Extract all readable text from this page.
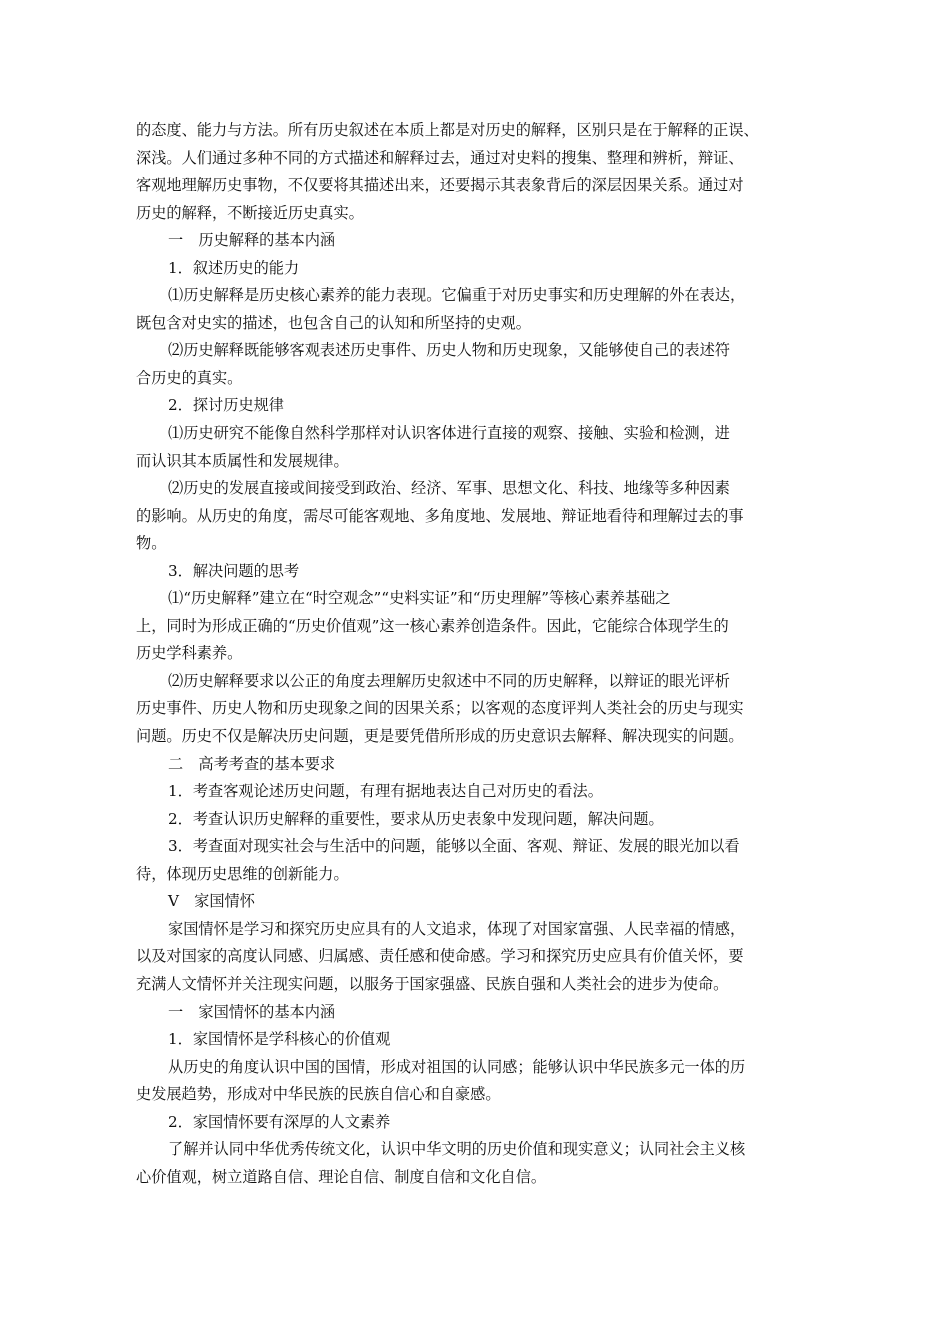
的态度、能力与方法。所有历史叙述在本质上都是对历史的解释，区别只是在于解释的正误、

深浅。人们通过多种不同的方式描述和解释过去，通过对史料的搜集、整理和辨析，辩证、

客观地理解历史事物，不仅要将其描述出来，还要揭示其表象背后的深层因果关系。通过对

历史的解释，不断接近历史真实。

一　历史解释的基本内涵

1．叙述历史的能力

⑴历史解释是历史核心素养的能力表现。它偏重于对历史事实和历史理解的外在表达，

既包含对史实的描述，也包含自己的认知和所坚持的史观。

⑵历史解释既能够客观表述历史事件、历史人物和历史现象，又能够使自己的表述符

合历史的真实。

2．探讨历史规律

⑴历史研究不能像自然科学那样对认识客体进行直接的观察、接触、实验和检测，进

而认识其本质属性和发展规律。

⑵历史的发展直接或间接受到政治、经济、军事、思想文化、科技、地缘等多种因素

的影响。从历史的角度，需尽可能客观地、多角度地、发展地、辩证地看待和理解过去的事

物。

3．解决问题的思考

⑴“历史解释”建立在“时空观念”“史料实证”和“历史理解”等核心素养基础之

上，同时为形成正确的“历史价值观”这一核心素养创造条件。因此，它能综合体现学生的

历史学科素养。

⑵历史解释要求以公正的角度去理解历史叙述中不同的历史解释，以辩证的眼光评析

历史事件、历史人物和历史现象之间的因果关系；以客观的态度评判人类社会的历史与现实

问题。历史不仅是解决历史问题，更是要凭借所形成的历史意识去解释、解决现实的问题。

二　高考考查的基本要求

1．考查客观论述历史问题，有理有据地表达自己对历史的看法。

2．考查认识历史解释的重要性，要求从历史表象中发现问题，解决问题。

3．考查面对现实社会与生活中的问题，能够以全面、客观、辩证、发展的眼光加以看

待，体现历史思维的创新能力。

Ⅴ　家国情怀

家国情怀是学习和探究历史应具有的人文追求，体现了对国家富强、人民幸福的情感，

以及对国家的高度认同感、归属感、责任感和使命感。学习和探究历史应具有价值关怀，要

充满人文情怀并关注现实问题，以服务于国家强盛、民族自强和人类社会的进步为使命。

一　家国情怀的基本内涵

1．家国情怀是学科核心的价值观

从历史的角度认识中国的国情，形成对祖国的认同感；能够认识中华民族多元一体的历

史发展趋势，形成对中华民族的民族自信心和自豪感。

2．家国情怀要有深厚的人文素养

了解并认同中华优秀传统文化，认识中华文明的历史价值和现实意义；认同社会主义核

心价值观，树立道路自信、理论自信、制度自信和文化自信。
